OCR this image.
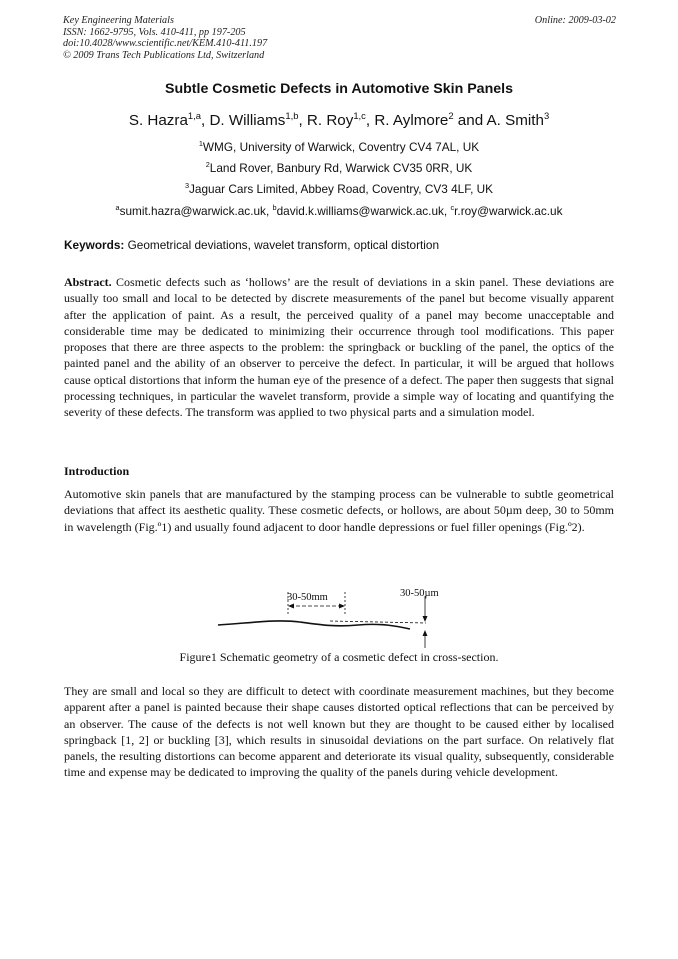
Key Engineering Materials
ISSN: 1662-9795, Vols. 410-411, pp 197-205
doi:10.4028/www.scientific.net/KEM.410-411.197
© 2009 Trans Tech Publications Ltd, Switzerland
Online: 2009-03-02
Subtle Cosmetic Defects in Automotive Skin Panels
S. Hazra$^{1,a}$, D. Williams$^{1,b}$, R. Roy$^{1,c}$, R. Aylmore$^2$ and A. Smith$^3$
$^1$WMG, University of Warwick, Coventry CV4 7AL, UK
$^2$Land Rover, Banbury Rd, Warwick CV35 0RR, UK
$^3$Jaguar Cars Limited, Abbey Road, Coventry, CV3 4LF, UK
$^a$sumit.hazra@warwick.ac.uk, $^b$david.k.williams@warwick.ac.uk, $^c$r.roy@warwick.ac.uk
Keywords: Geometrical deviations, wavelet transform, optical distortion

Abstract. Cosmetic defects such as ‘hollows’ are the result of deviations in a skin panel. These deviations are usually too small and local to be detected by discrete measurements of the panel but become visually apparent after the application of paint. As a result, the perceived quality of a panel may become unacceptable and considerable time may be dedicated to minimizing their occurrence through tool modifications. This paper proposes that there are three aspects to the problem: the springback or buckling of the panel, the optics of the painted panel and the ability of an observer to perceive the defect. In particular, it will be argued that hollows cause optical distortions that inform the human eye of the presence of a defect. The paper then suggests that signal processing techniques, in particular the wavelet transform, provide a simple way of locating and quantifying the severity of these defects. The transform was applied to two physical parts and a simulation model.

Introduction

Automotive skin panels that are manufactured by the stamping process can be vulnerable to subtle geometrical deviations that affect its aesthetic quality. These cosmetic defects, or hollows, are about 50µm deep, 30 to 50mm in wavelength (Fig.º1) and usually found adjacent to door handle depressions or fuel filler openings (Fig.º2).

30-50mm	30-50µm
Figure1 Schematic geometry of a cosmetic defect in cross-section.

They are small and local so they are difficult to detect with coordinate measurement machines, but they become apparent after a panel is painted because their shape causes distorted optical reflections that can be perceived by an observer. The cause of the defects is not well known but they are thought to be caused either by localised springback [1, 2] or buckling [3], which results in sinusoidal deviations on the part surface. On relatively flat panels, the resulting distortions can become apparent and deteriorate its visual quality, subsequently, considerable time and expense may be dedicated to improving the quality of the panels during vehicle development.
